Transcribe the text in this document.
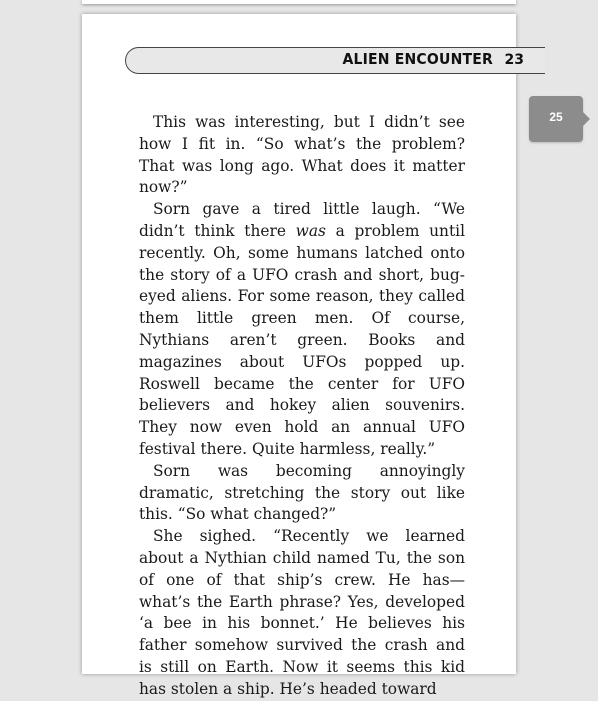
ALIEN ENCOUNTER 23

This was interesting, but I didn’t see how I fit in. “So what’s the problem? That was long ago. What does it matter now?”

Sorn gave a tired little laugh. “We didn’t think there was a problem until recently. Oh, some humans latched onto the story of a UFO crash and short, bug-eyed aliens. For some reason, they called them little green men. Of course, Nythians aren’t green. Books and magazines about UFOs popped up. Roswell became the center for UFO believers and hokey alien souvenirs. They now even hold an annual UFO festival there. Quite harmless, really.”

Sorn was becoming annoyingly dramatic, stretching the story out like this. “So what changed?”

She sighed. “Recently we learned about a Nythian child named Tu, the son of one of that ship’s crew. He has—what’s the Earth phrase? Yes, developed ‘a bee in his bonnet.’ He believes his father somehow survived the crash and is still on Earth. Now it seems this kid has stolen a ship. He’s headed toward

25
